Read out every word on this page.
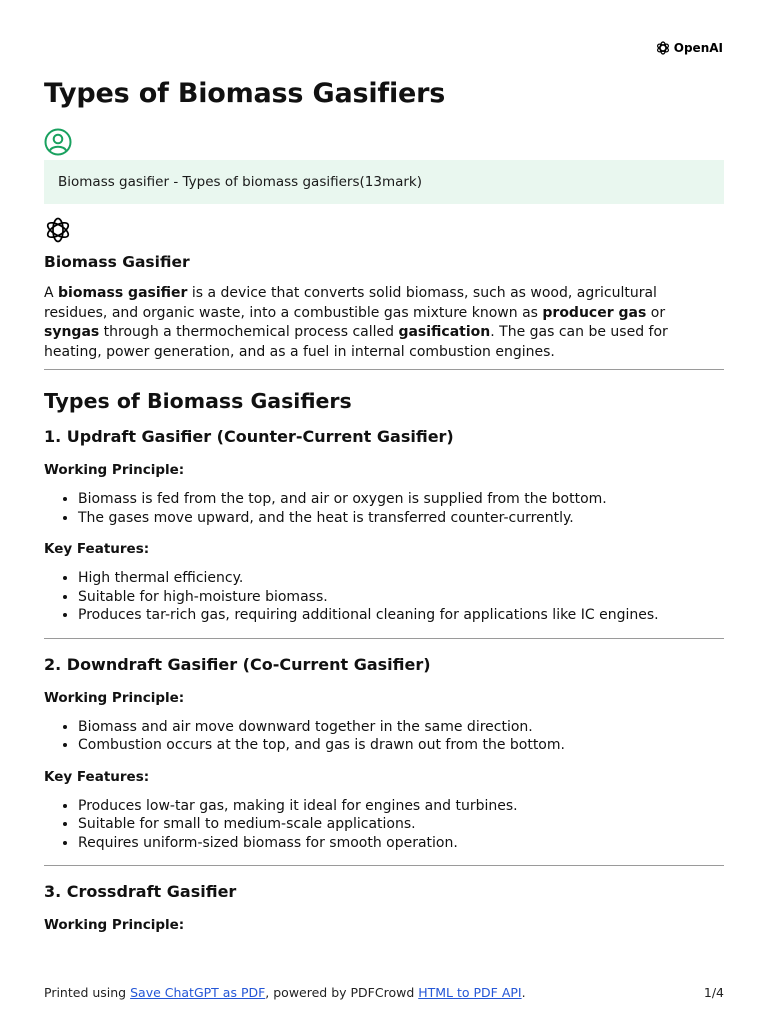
OpenAI
Types of Biomass Gasifiers
Biomass gasifier - Types of biomass gasifiers(13mark)
Biomass Gasifier

A biomass gasifier is a device that converts solid biomass, such as wood, agricultural residues, and organic waste, into a combustible gas mixture known as producer gas or syngas through a thermochemical process called gasification. The gas can be used for heating, power generation, and as a fuel in internal combustion engines.

Types of Biomass Gasifiers
1. Updraft Gasifier (Counter-Current Gasifier)
Working Principle:
• Biomass is fed from the top, and air or oxygen is supplied from the bottom.
• The gases move upward, and the heat is transferred counter-currently.
Key Features:
• High thermal efficiency.
• Suitable for high-moisture biomass.
• Produces tar-rich gas, requiring additional cleaning for applications like IC engines.
2. Downdraft Gasifier (Co-Current Gasifier)
Working Principle:
• Biomass and air move downward together in the same direction.
• Combustion occurs at the top, and gas is drawn out from the bottom.
Key Features:
• Produces low-tar gas, making it ideal for engines and turbines.
• Suitable for small to medium-scale applications.
• Requires uniform-sized biomass for smooth operation.
3. Crossdraft Gasifier
Working Principle:
Printed using Save ChatGPT as PDF, powered by PDFCrowd HTML to PDF API.	1/4
